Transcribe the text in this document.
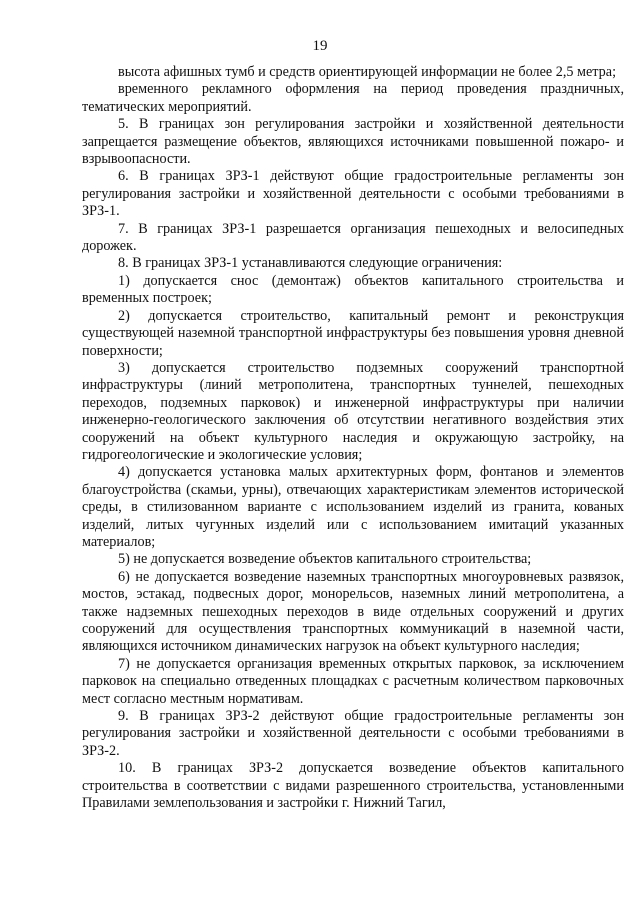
19

высота афишных тумб и средств ориентирующей информации не более 2,5 метра;

временного рекламного оформления на период проведения праздничных, тематических мероприятий.

5. В границах зон регулирования застройки и хозяйственной деятельности запрещается размещение объектов, являющихся источниками повышенной пожаро- и взрывоопасности.

6. В границах ЗРЗ-1 действуют общие градостроительные регламенты зон регулирования застройки и хозяйственной деятельности с особыми требованиями в ЗРЗ-1.

7. В границах ЗРЗ-1 разрешается организация пешеходных и велосипедных дорожек.

8. В границах ЗРЗ-1 устанавливаются следующие ограничения:

1) допускается снос (демонтаж) объектов капитального строительства и временных построек;

2) допускается строительство, капитальный ремонт и реконструкция существующей наземной транспортной инфраструктуры без повышения уровня дневной поверхности;

3) допускается строительство подземных сооружений транспортной инфраструктуры (линий метрополитена, транспортных туннелей, пешеходных переходов, подземных парковок) и инженерной инфраструктуры при наличии инженерно-геологического заключения об отсутствии негативного воздействия этих сооружений на объект культурного наследия и окружающую застройку, на гидрогеологические и экологические условия;

4) допускается установка малых архитектурных форм, фонтанов и элементов благоустройства (скамьи, урны), отвечающих характеристикам элементов исторической среды, в стилизованном варианте с использованием изделий из гранита, кованых изделий, литых чугунных изделий или с использованием имитаций указанных материалов;

5) не допускается возведение объектов капитального строительства;

6) не допускается возведение наземных транспортных многоуровневых развязок, мостов, эстакад, подвесных дорог, монорельсов, наземных линий метрополитена, а также надземных пешеходных переходов в виде отдельных сооружений и других сооружений для осуществления транспортных коммуникаций в наземной части, являющихся источником динамических нагрузок на объект культурного наследия;

7) не допускается организация временных открытых парковок, за исключением парковок на специально отведенных площадках с расчетным количеством парковочных мест согласно местным нормативам.

9. В границах ЗРЗ-2 действуют общие градостроительные регламенты зон регулирования застройки и хозяйственной деятельности с особыми требованиями в ЗРЗ-2.

10. В границах ЗРЗ-2 допускается возведение объектов капитального строительства в соответствии с видами разрешенного строительства, установленными Правилами землепользования и застройки г. Нижний Тагил,
